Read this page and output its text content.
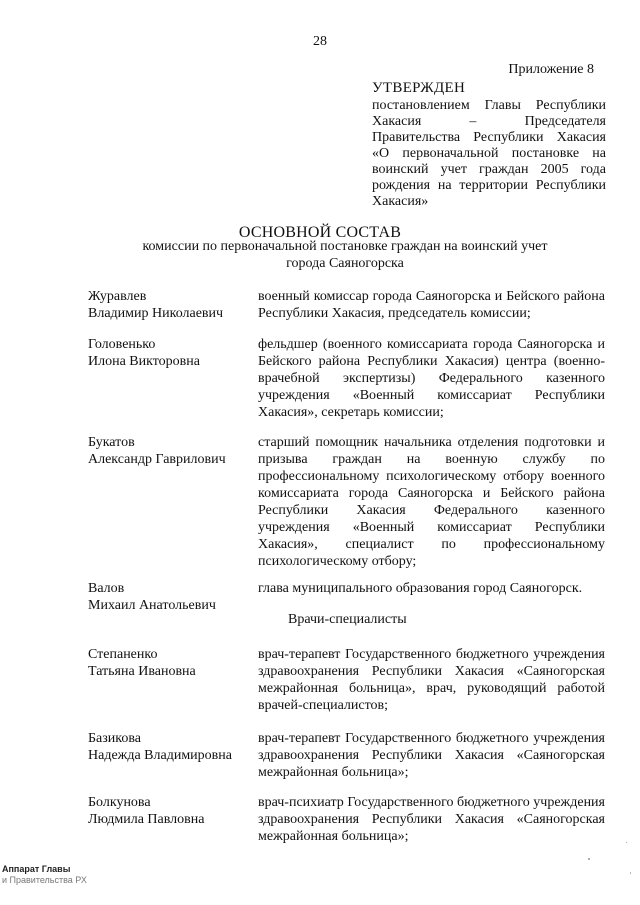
28
Приложение 8
УТВЕРЖДЕН
постановлением Главы Республики Хакасия – Председателя Правительства Республики Хакасия «О первоначальной постановке на воинский учет граждан 2005 года рождения на территории Республики Хакасия»
ОСНОВНОЙ СОСТАВ
комиссии по первоначальной постановке граждан на воинский учет города Саяногорска
Журавлев
Владимир Николаевич
военный комиссар города Саяногорска и Бейского района Республики Хакасия, председатель комиссии;
Головенько
Илона Викторовна
фельдшер (военного комиссариата города Саяногорска и Бейского района Республики Хакасия) центра (военно-врачебной экспертизы) Федерального казенного учреждения «Военный комиссариат Республики Хакасия», секретарь комиссии;
Букатов
Александр Гаврилович
старший помощник начальника отделения подготовки и призыва граждан на военную службу по профессиональному психологическому отбору военного комиссариата города Саяногорска и Бейского района Республики Хакасия Федерального казенного учреждения «Военный комиссариат Республики Хакасия», специалист по профессиональному психологическому отбору;
Валов
Михаил Анатольевич
глава муниципального образования город Саяногорск.
Врачи-специалисты
Степаненко
Татьяна Ивановна
врач-терапевт Государственного бюджетного учреждения здравоохранения Республики Хакасия «Саяногорская межрайонная больница», врач, руководящий работой врачей-специалистов;
Базикова
Надежда Владимировна
врач-терапевт Государственного бюджетного учреждения здравоохранения Республики Хакасия «Саяногорская межрайонная больница»;
Болкунова
Людмила Павловна
врач-психиатр Государственного бюджетного учреждения здравоохранения Республики Хакасия «Саяногорская межрайонная больница»;
Аппарат Главы
и Правительства РХ
